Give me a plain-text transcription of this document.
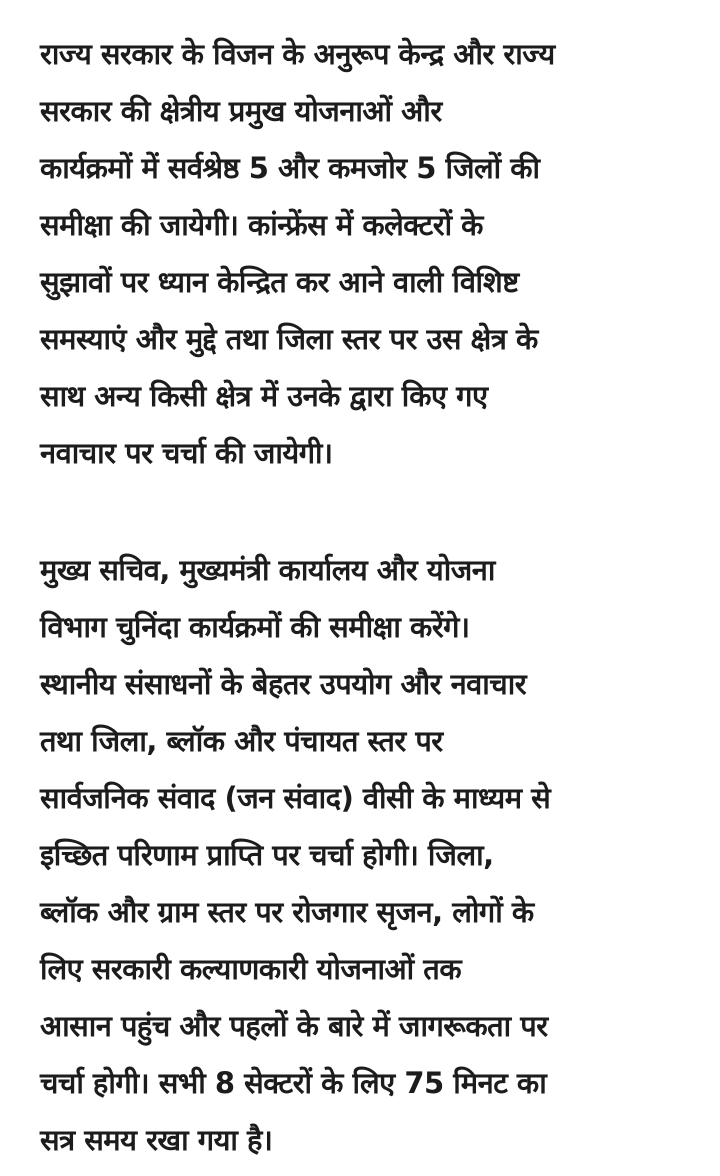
राज्य सरकार के विजन के अनुरूप केन्द्र और राज्य
सरकार की क्षेत्रीय प्रमुख योजनाओं और
कार्यक्रमों में सर्वश्रेष्ठ 5 और कमजोर 5 जिलों की
समीक्षा की जायेगी। कांन्फ्रेंस में कलेक्टरों के
सुझावों पर ध्यान केन्द्रित कर आने वाली विशिष्ट
समस्याएं और मुद्दे तथा जिला स्तर पर उस क्षेत्र के
साथ अन्य किसी क्षेत्र में उनके द्वारा किए गए
नवाचार पर चर्चा की जायेगी।

मुख्य सचिव, मुख्यमंत्री कार्यालय और योजना
विभाग चुनिंदा कार्यक्रमों की समीक्षा करेंगे।
स्थानीय संसाधनों के बेहतर उपयोग और नवाचार
तथा जिला, ब्लॉक और पंचायत स्तर पर
सार्वजनिक संवाद (जन संवाद) वीसी के माध्यम से
इच्छित परिणाम प्राप्ति पर चर्चा होगी। जिला,
ब्लॉक और ग्राम स्तर पर रोजगार सृजन, लोगों के
लिए सरकारी कल्याणकारी योजनाओं तक
आसान पहुंच और पहलों के बारे में जागरूकता पर
चर्चा होगी। सभी 8 सेक्टरों के लिए 75 मिनट का
सत्र समय रखा गया है।
